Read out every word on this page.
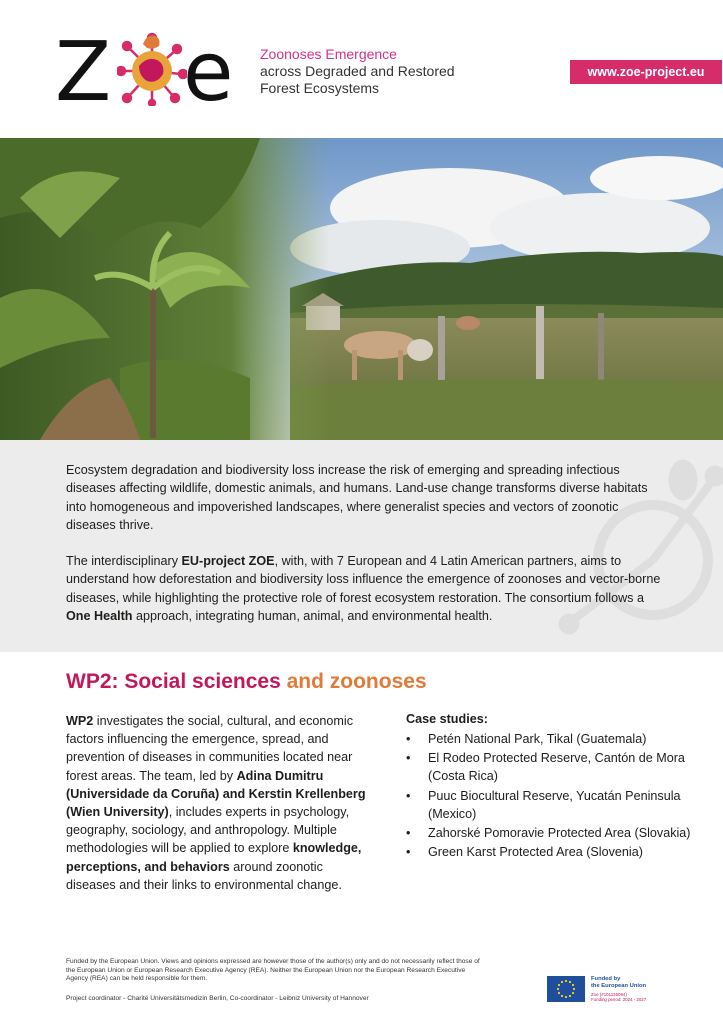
Z e Zoonoses Emergence
across Degraded and Restored
Forest Ecosystems
www.zoe-project.eu

Ecosystem degradation and biodiversity loss increase the risk of emerging and spreading infectious diseases affecting wildlife, domestic animals, and humans. Land-use change transforms diverse habitats into homogeneous and impoverished landscapes, where generalist species and vectors of zoonotic diseases thrive.

The interdisciplinary EU-project ZOE, with, with 7 European and 4 Latin American partners, aims to understand how deforestation and biodiversity loss influence the emergence of zoonoses and vector-borne diseases, while highlighting the protective role of forest ecosystem restoration. The consortium follows a One Health approach, integrating human, animal, and environmental health.

WP2: Social sciences and zoonoses

WP2 investigates the social, cultural, and economic factors influencing the emergence, spread, and prevention of diseases in communities located near forest areas. The team, led by Adina Dumitru (Universidade da Coruña) and Kerstin Krellenberg (Wien University), includes experts in psychology, geography, sociology, and anthropology. Multiple methodologies will be applied to explore knowledge, perceptions, and behaviors around zoonotic diseases and their links to environmental change.

Case studies:

• Petén National Park, Tikal (Guatemala)
• El Rodeo Protected Reserve, Cantón de Mora (Costa Rica)
• Puuc Biocultural Reserve, Yucatán Peninsula (Mexico)
• Zahorské Pomoravie Protected Area (Slovakia)
• Green Karst Protected Area (Slovenia)

Funded by the European Union. Views and opinions expressed are however those of the author(s) only and do not necessarily reflect those of the European Union or European Research Executive Agency (REA). Neither the European Union nor the European Research Executive Agency (REA) can be held responsible for them.

Project coordinator - Charité Universitätsmedizin Berlin, Co-coordinator - Leibniz University of Hannover

Funded by
the European Union
Zoe (#101135094)
Funding period: 2024 - 2027
